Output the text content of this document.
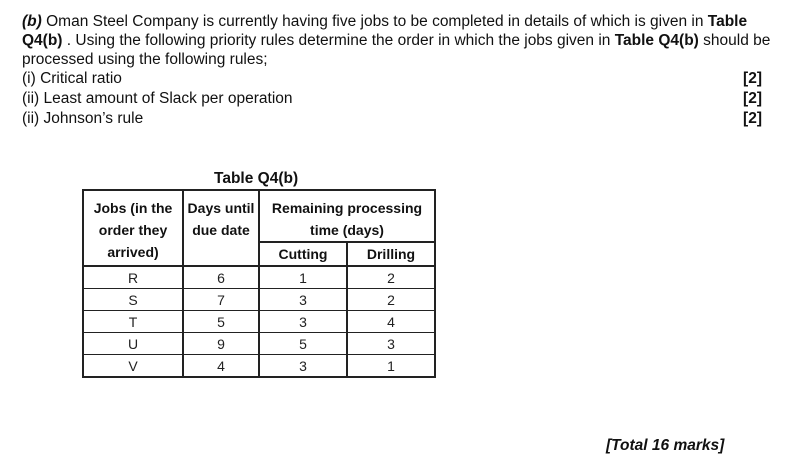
(b) Oman Steel Company is currently having five jobs to be completed in details of which is given in Table Q4(b) . Using the following priority rules determine the order in which the jobs given in Table Q4(b) should be processed using the following rules;

(i) Critical ratio	[2]
(ii) Least amount of Slack per operation	[2]
(ii) Johnson’s rule	[2]
Table Q4(b)
Jobs (in the order they arrived)	Days until due date	Remaining processing time (days)	
		Cutting	Drilling
R	6	1	2
S	7	3	2
T	5	3	4
U	9	5	3
V	4	3	1
[Total 16 marks]
